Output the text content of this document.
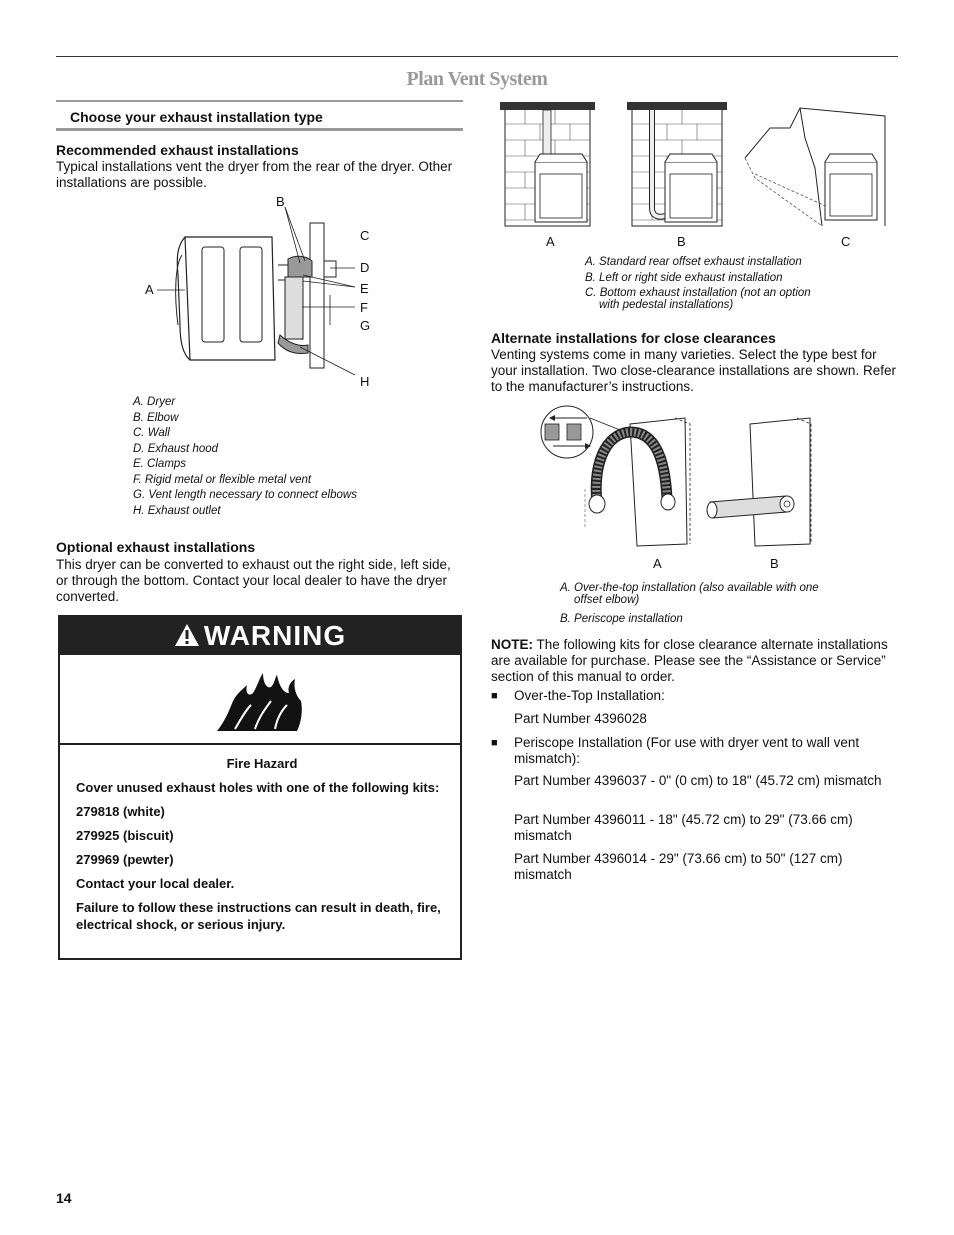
Plan Vent System
Choose your exhaust installation type
Recommended exhaust installations
Typical installations vent the dryer from the rear of the dryer. Other installations are possible.
A
B
C
D
E
F
G
H
A. Dryer
B. Elbow
C. Wall
D. Exhaust hood
E. Clamps
F. Rigid metal or flexible metal vent
G. Vent length necessary to connect elbows
H. Exhaust outlet
Optional exhaust installations
This dryer can be converted to exhaust out the right side, left side, or through the bottom. Contact your local dealer to have the dryer converted.
WARNING

Fire Hazard

Cover unused exhaust holes with one of the following kits:

279818 (white)

279925 (biscuit)

279969 (pewter)

Contact your local dealer.

Failure to follow these instructions can result in death, fire, electrical shock, or serious injury.

A	B	C
A. Standard rear offset exhaust installation
B. Left or right side exhaust installation
C. Bottom exhaust installation (not an option
with pedestal installations)
Alternate installations for close clearances
Venting systems come in many varieties. Select the type best for your installation. Two close-clearance installations are shown. Refer to the manufacturer’s instructions.
A	B
A. Over-the-top installation (also available with one
offset elbow)
B. Periscope installation
NOTE: The following kits for close clearance alternate installations are available for purchase. Please see the “Assistance or Service” section of this manual to order.
■ Over-the-Top Installation:
Part Number 4396028
■ Periscope Installation (For use with dryer vent to wall vent mismatch):
Part Number 4396037 - 0" (0 cm) to 18" (45.72 cm) mismatch
Part Number 4396011 - 18" (45.72 cm) to 29" (73.66 cm) mismatch
Part Number 4396014 - 29" (73.66 cm) to 50" (127 cm) mismatch
14
